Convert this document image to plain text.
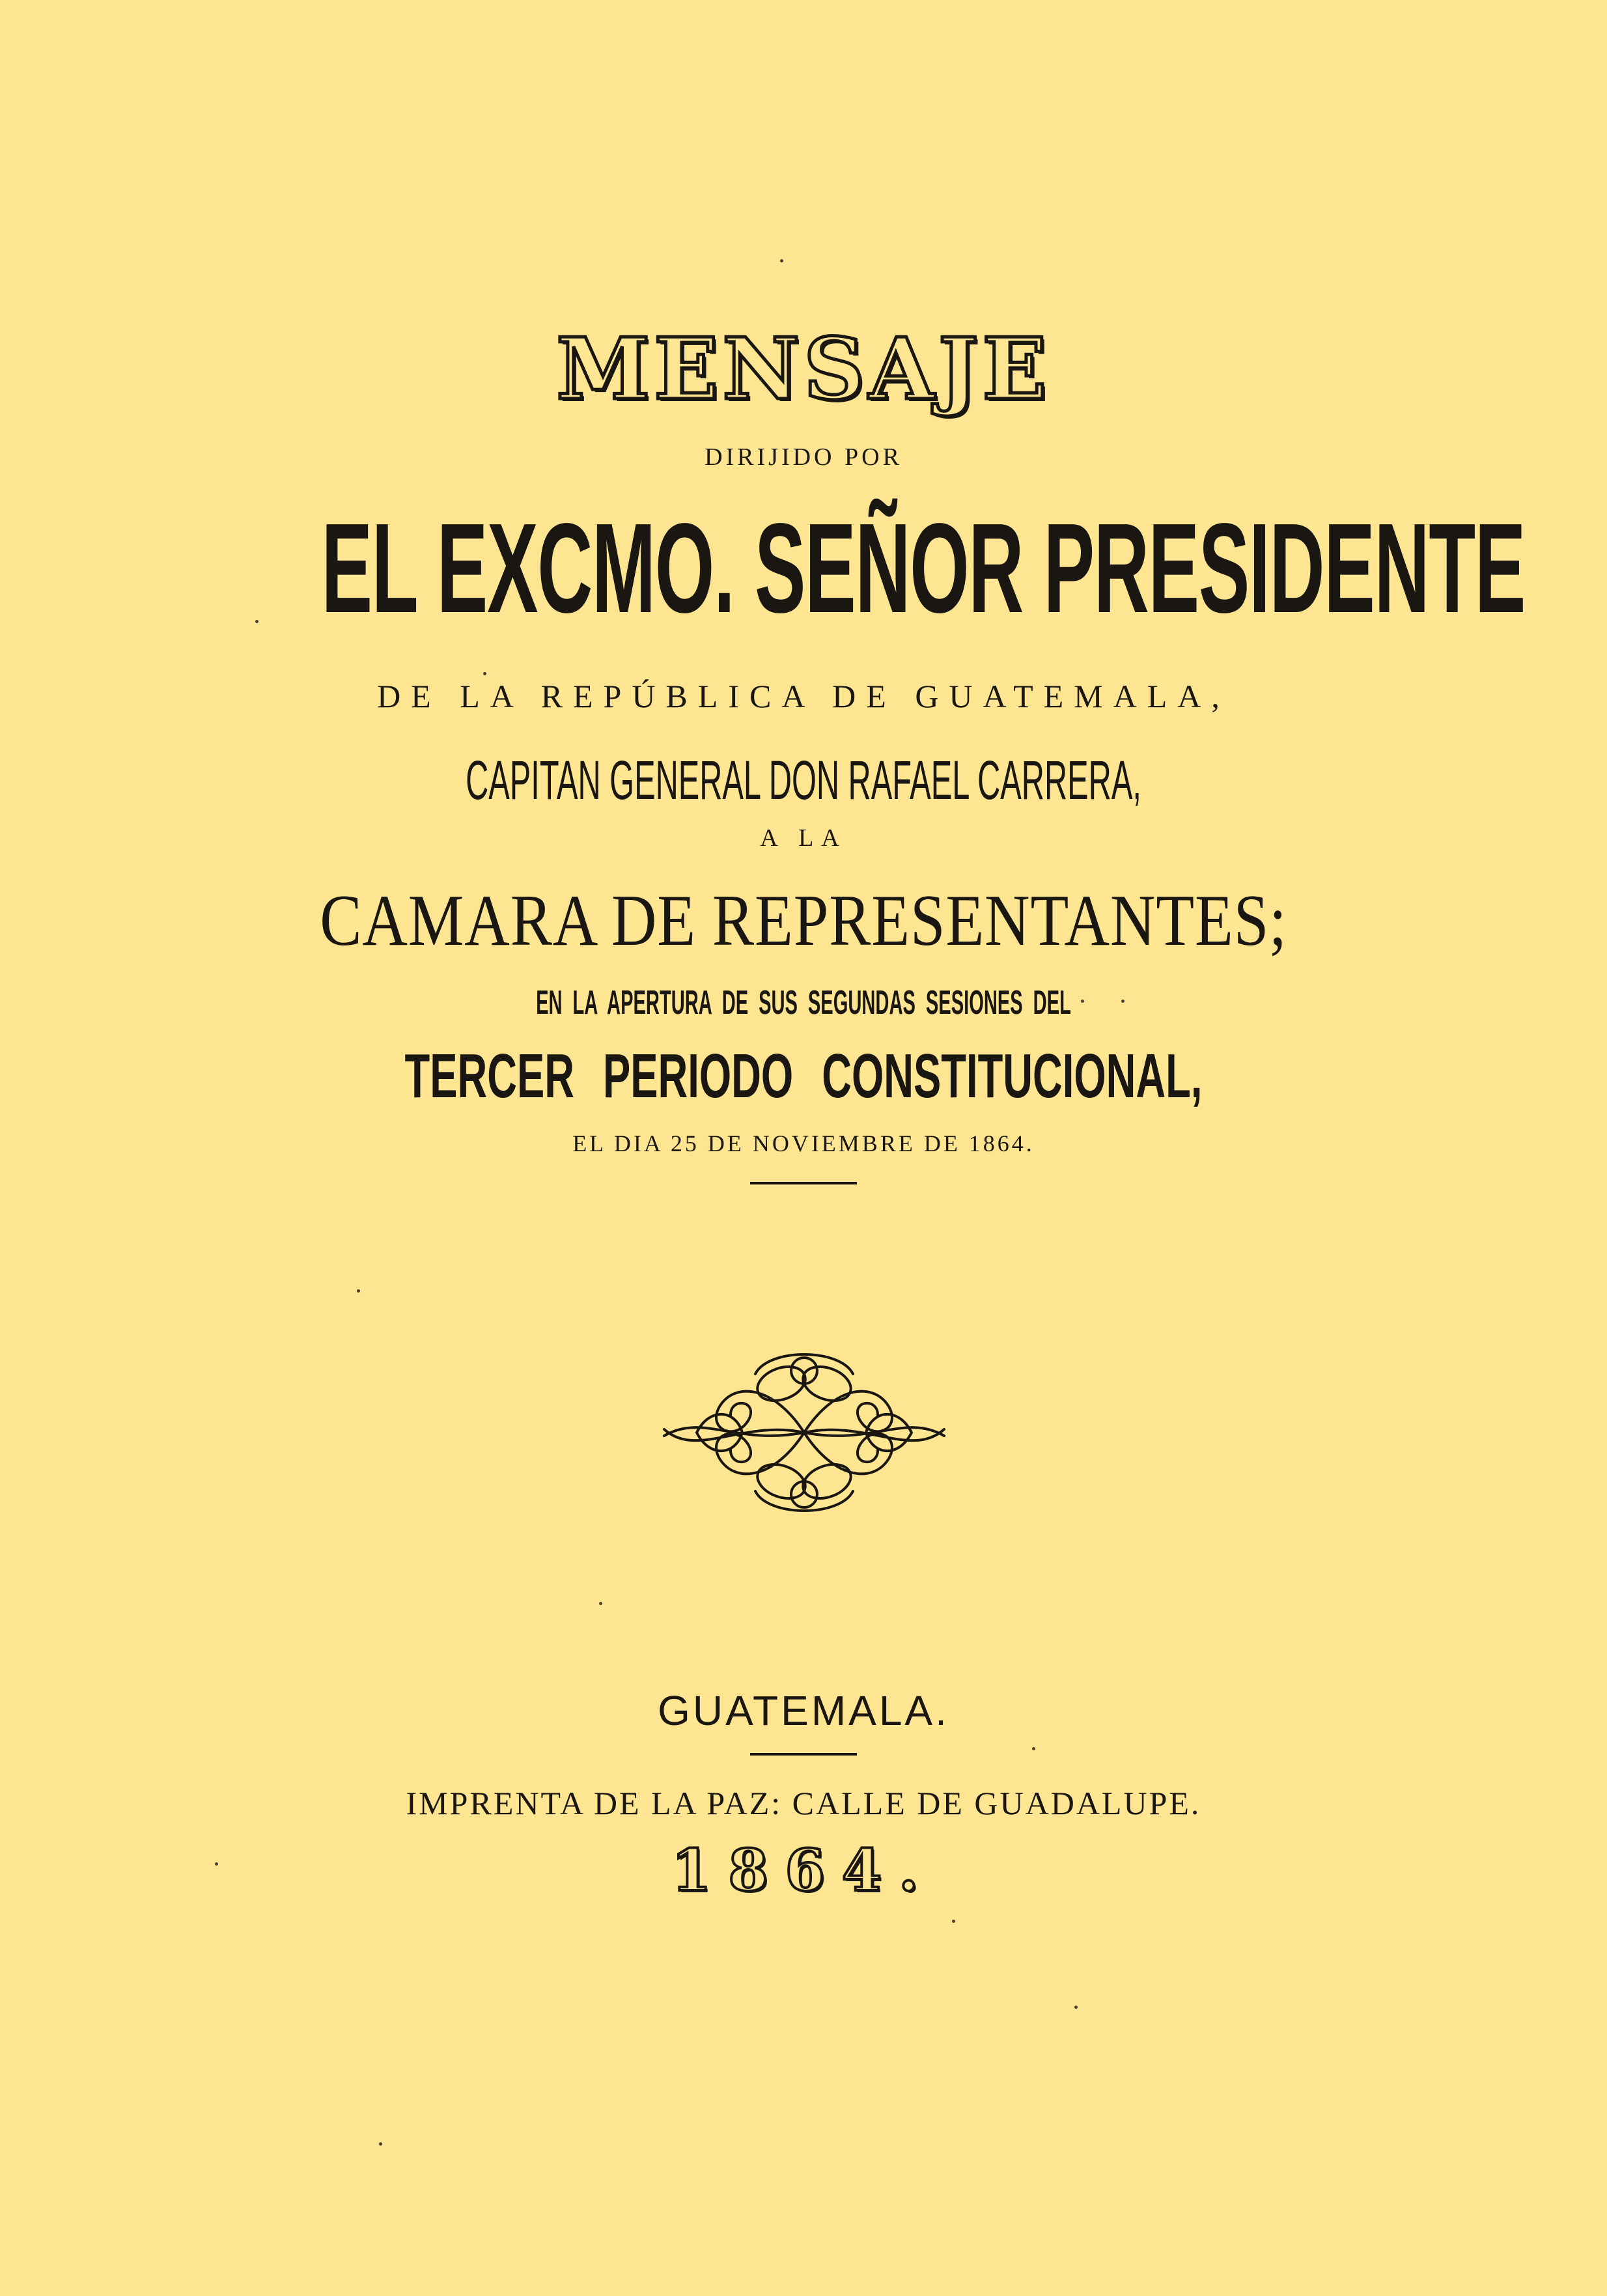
MENSAJE
DIRIJIDO POR
EL EXCMO. SEÑOR PRESIDENTE
DE LA REPÚBLICA DE GUATEMALA,
CAPITAN GENERAL DON RAFAEL CARRERA,
A LA
CAMARA DE REPRESENTANTES;
EN LA APERTURA DE SUS SEGUNDAS SESIONES DEL
TERCER PERIODO CONSTITUCIONAL,
EL DIA 25 DE NOVIEMBRE DE 1864.
GUATEMALA.
IMPRENTA DE LA PAZ: CALLE DE GUADALUPE.
1864.
